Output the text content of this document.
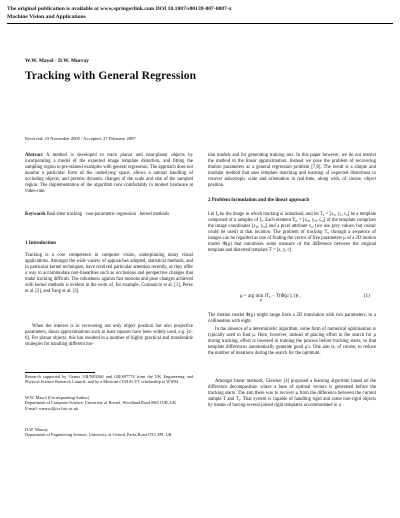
The original publication is available at www.springerlink.com DOI 10.1007/s00138-007-0087-x
Machine Vision and Applications
W.W. Mayol · D.W. Murray
Tracking with General Regression
Received: 23 November 2005 / Accepted: 27 February 2007
Abstract A method is developed to track planar and near-planar objects by incorporating a model of the expected image template distortion, and fitting the sampling region to pre-trained examples with general regression. The approach does not assume a particular form of the underlying space, allows a natural handling of occluding objects, and permits dynamic changes of the scale and size of the sampled region. The implementation of the algorithm runs comfortably in modest hardware at video-rate.
Keywords Real-time tracking · non-parametric regression · kernel methods
1 Introduction
Tracking is a core competence in computer vision, underpinning many visual applications. Amongst the wide variety of approaches adopted, statistical methods, and in particular kernel techniques, have received particular attention recently, as they offer a way to accommodate non-linearities such as occlusions and perspective changes that make tracking difficult. The robustness against fast motions and pose changes achieved with kernel methods is evident in the work of, for example, Comaniciu et al. [1], Perez et al. [2], and Yang et al. [3].
When the interest is in recovering not only object position but also projective parameters, linear approximations such as least squares have been widely used, e.g. [4–6]. For planar objects, this has resulted in a number of highly practical and transferable strategies for handling different mo-
Research supported by Grants GR/N03266 and GR/S97774 from the UK Engineering and Physical Science Research Council, and by a Mexican CONACYT scholarship to WWM.
W.W. Mayol (Corresponding Author)
Department of Computer Science, University of Bristol, Woodland Road BS8 1UB, UK
E-mail: wmayol@cs.bris.ac.uk
D.W. Murray
Department of Engineering Science, University of Oxford, Parks Road OX1 3PJ, UK
tion models and for generating training sets. In this paper however, we do not restrict the method to the linear approximation. Instead we pose the problem of recovering motion parameters as a general regression problem [7,8]. The result is a simple and modular method that uses template matching and learning of expected distortions to recover anisotropic scale and orientation in real-time, along with, of course, object position.
2 Problem formulation and the linear approach
Let I₀ be the image in which tracking is initialised, and let T₀ = [x₀, y₀, c₀] be a template composed of n samples of I₀. Each element T₀ᵢ = [x₀ᵢ, y₀ᵢ, c₀ᵢ] of the template comprises the image coordinates [x₀ᵢ, y₀ᵢ] and a pixel attribute c₀ᵢ (we use grey values, but colour could be used) at that location. The problem of tracking T₀ through a sequence of images can be regarded as one of finding the vector of free parameters μ of a 2D motion model Φ(μ) that minimises some measure of the difference between the original template and distorted template T = [x, y, c]
μ = arg min ‖T₀ − T(Φ(μ′), t)‖ ,
μ′
(1)
The motion model Φ(μ) might range from a 2D translation with two parameters, to a collineation with eight.
In the absence of a deterministic algorithm, some form of numerical optimisation is typically used to find μ. Here, however, instead of placing effort in the search for μ during tracking, effort is invested in training the process before tracking starts, so that template differences automatically generate good μ's. One aim is, of course, to reduce the number of iterations during the search for the optimum.
Amongst linear methods, Gleicher [4] proposed a learning algorithm based on the difference decomposition where a base of optimal vectors is generated before the tracking starts. The aim there was to recover μ from the difference between the current sample T and T₀. That system is capable of handling rigid and some non-rigid objects by means of having several joined rigid templates accommodated in a
